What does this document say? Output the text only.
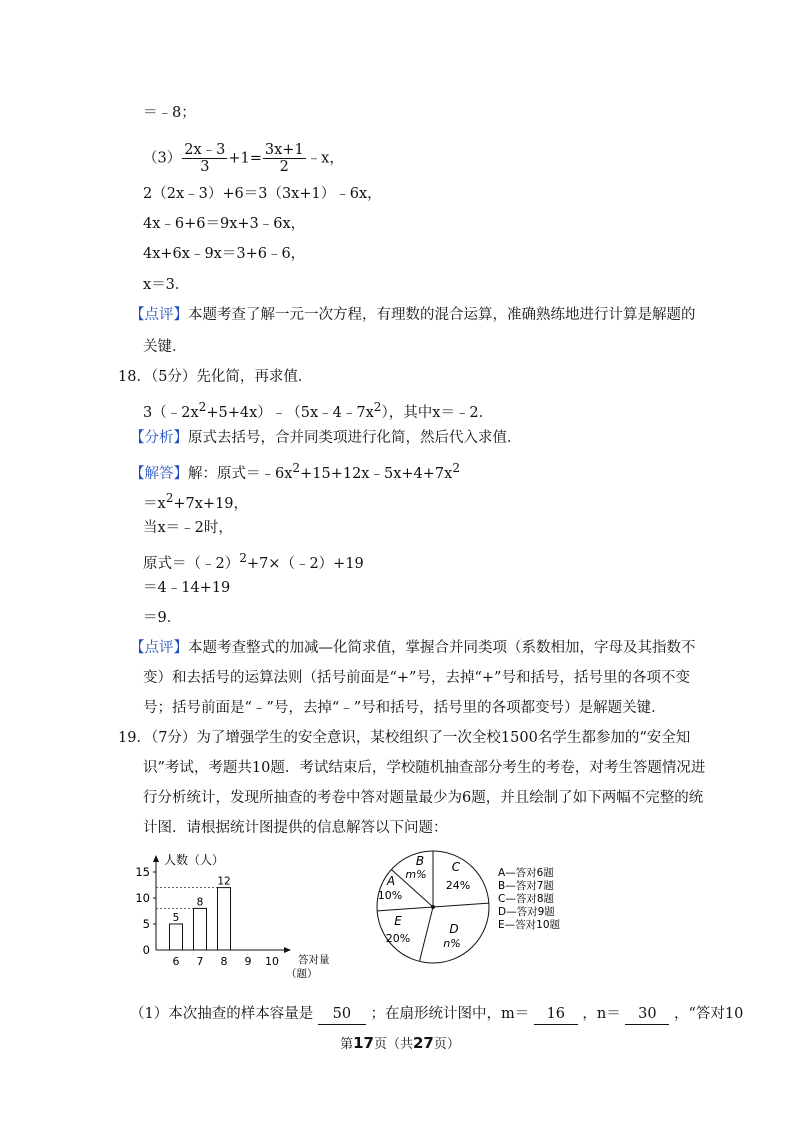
＝﹣8；
$(3) \frac{2x﹣3}{3} +1= \frac{3x+1}{2}$ ﹣x，
2（2x﹣3）+6＝3（3x+1）﹣6x，
4x﹣6+6＝9x+3﹣6x，
4x+6x﹣9x＝3+6﹣6，
x＝3．
【点评】本题考查了解一元一次方程，有理数的混合运算，准确熟练地进行计算是解题的
关键．
18．（5分）先化简，再求值．
$3(﹣2x^2+5+4x)﹣(5x﹣4﹣7x^2)$，其中x＝﹣2．
【分析】原式去括号，合并同类项进行化简，然后代入求值．
【解答】解：原式$=﹣6x^2+15+12x﹣5x+4+7x^2$
$=x^2+7x+19$，
当x＝﹣2时，
原式＝（﹣2）$^2$+7×（﹣2）+19
＝4﹣14+19
＝9．
【点评】本题考查整式的加减—化简求值，掌握合并同类项（系数相加，字母及其指数不
变）和去括号的运算法则（括号前面是“+”号，去掉“+”号和括号，括号里的各项不变
号；括号前面是“﹣”号，去掉“﹣”号和括号，括号里的各项都变号）是解题关键．
19．（7分）为了增强学生的安全意识，某校组织了一次全校1500名学生都参加的“安全知
识”考试，考题共10题．考试结束后，学校随机抽查部分考生的考卷，对考生答题情况进
行分析统计，发现所抽查的考卷中答对题量最少为6题，并且绘制了如下两幅不完整的统
计图．请根据统计图提供的信息解答以下问题：
人数（人）
0
5
10
15
5
8
12
6 7 8 9 10 答对量
（题）
A
10%
B
m%
C
24%
D
n%
E
20%
A—答对6题
B—答对7题
C—答对8题
D—答对9题
E—答对10题
（1）本次抽查的样本容量是 50 ；在扇形统计图中，m＝ 16 ，n＝ 30 ，“答对10
第17页（共27页）
